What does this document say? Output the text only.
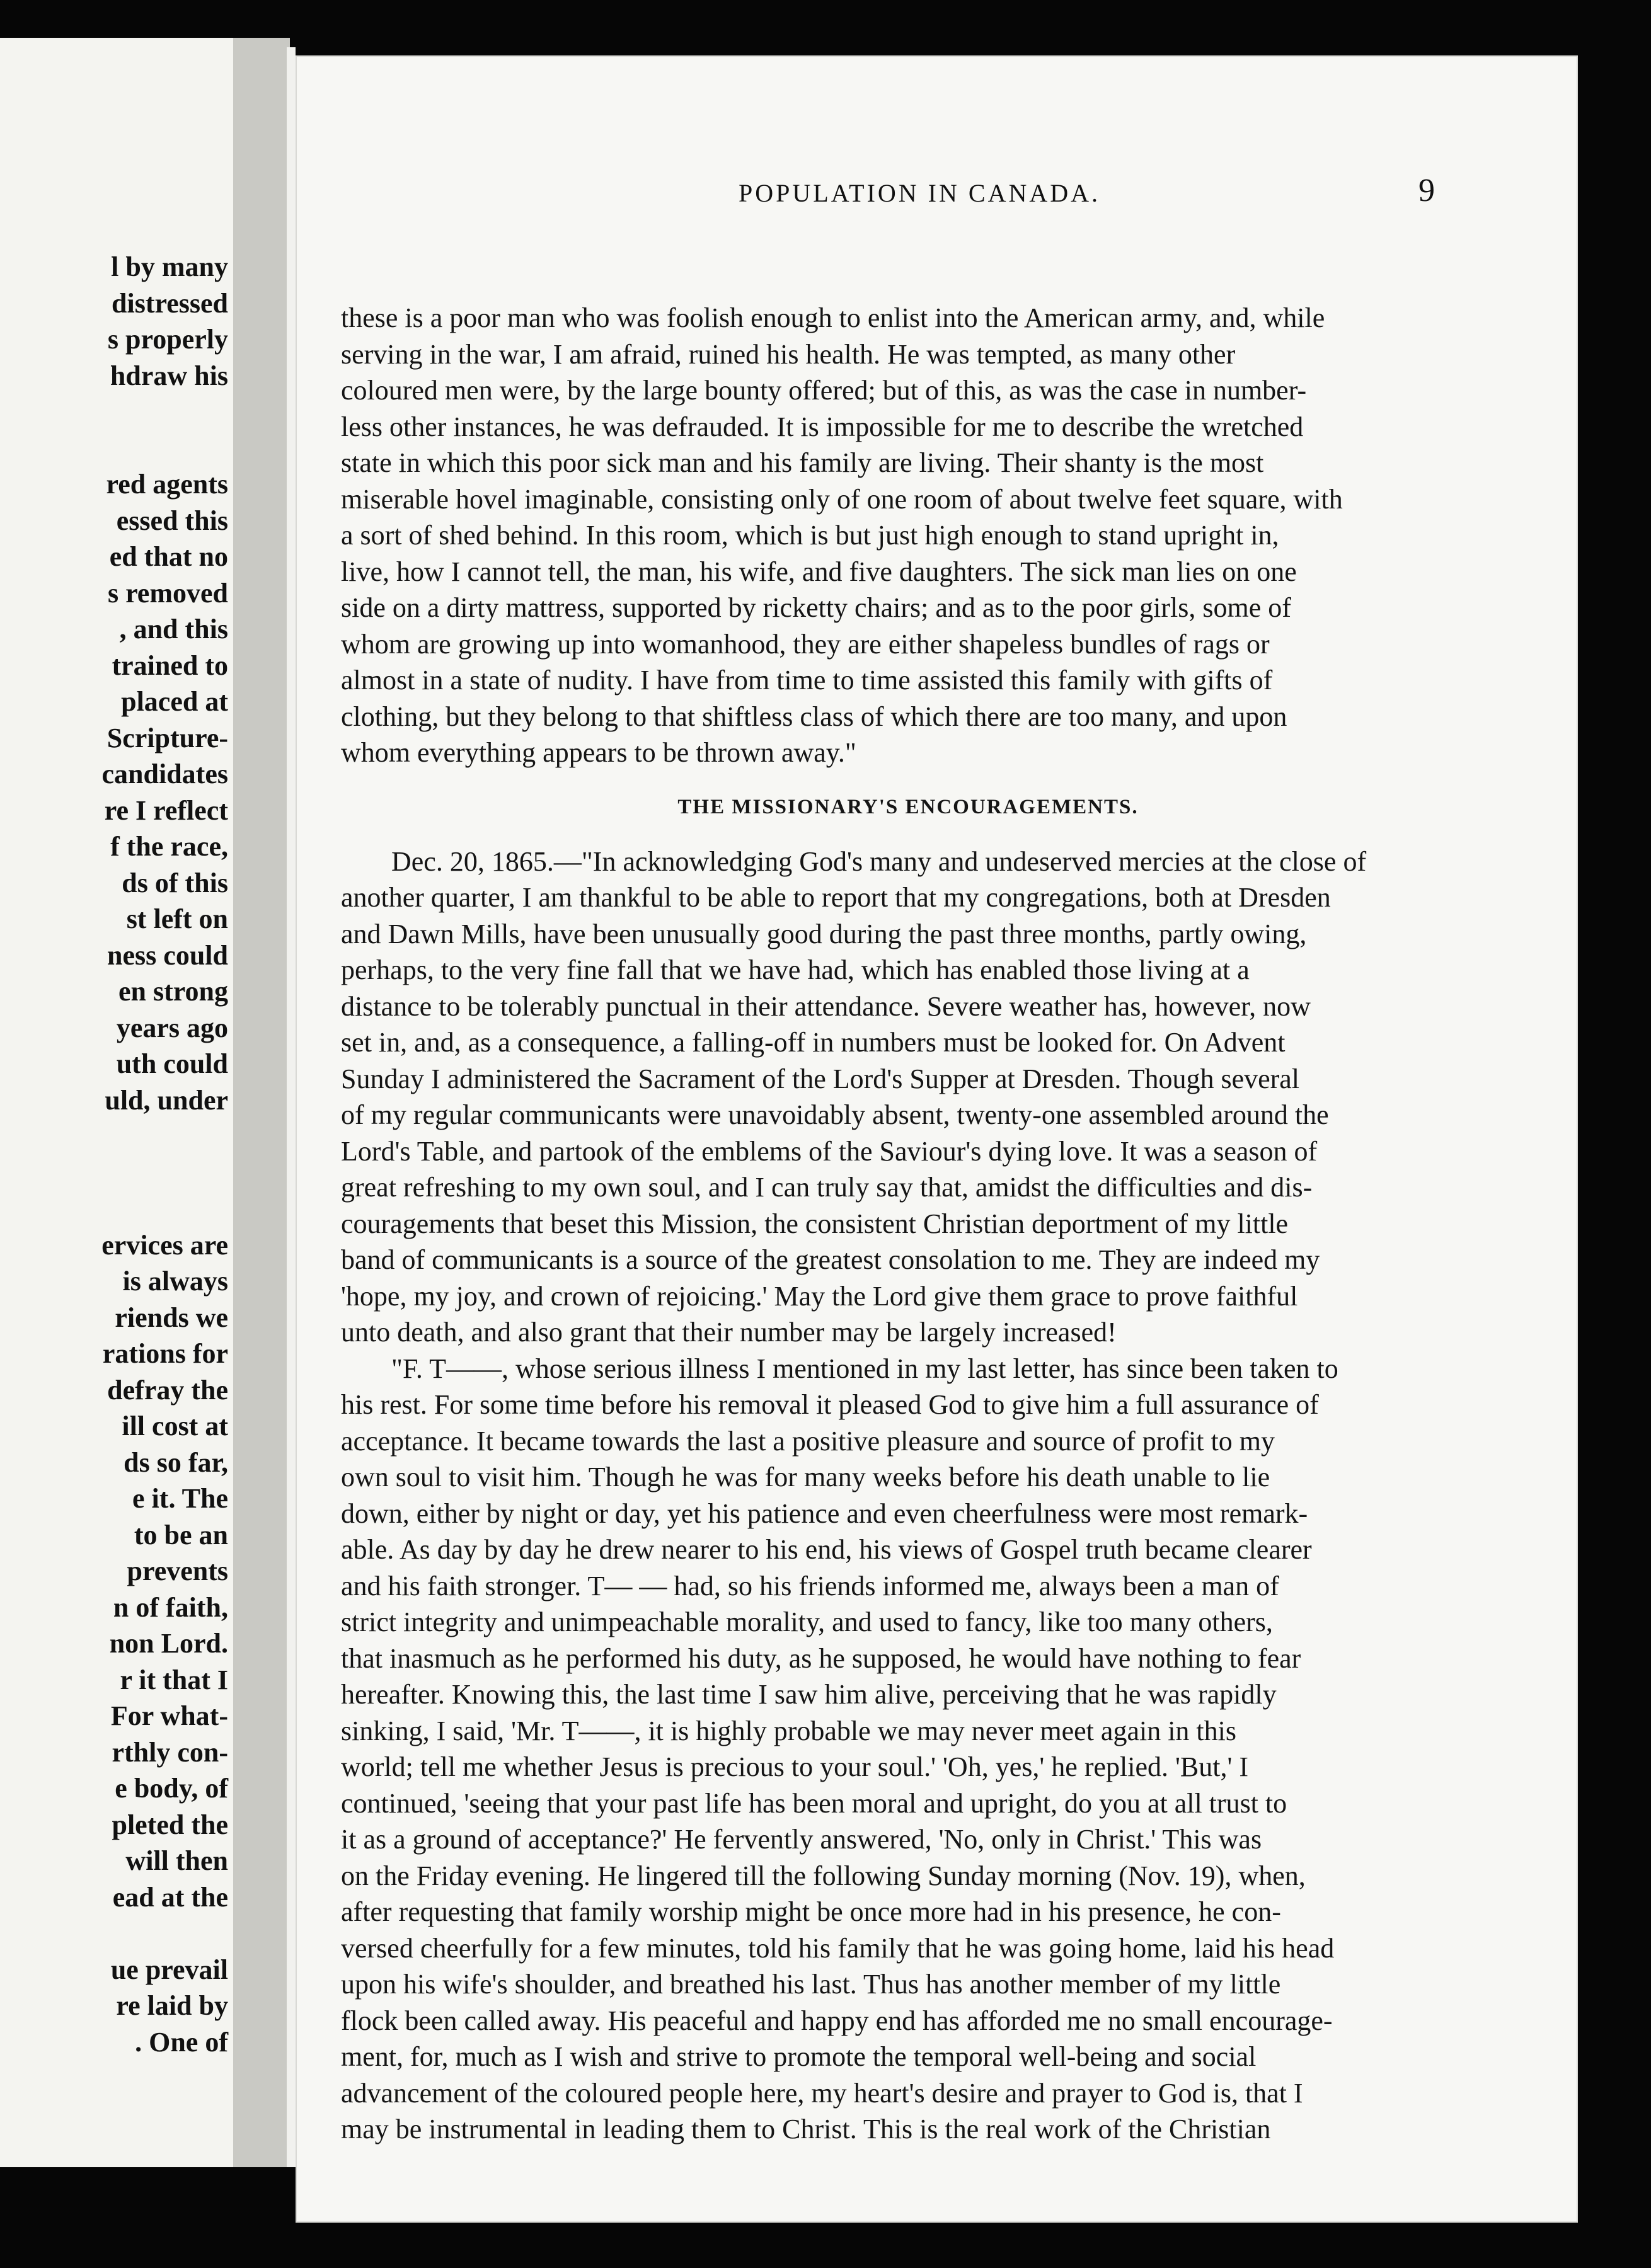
l by many
distressed
s properly
hdraw his
red agents
essed this
ed that no
s removed
, and this
trained to
placed at
Scripture-
candidates
re I reflect
f the race,
ds of this
st left on
ness could
en strong
years ago
uth could
uld, under
ervices are
is always
riends we
rations for
defray the
ill cost at
ds so far,
e it. The
to be an
prevents
n of faith,
non Lord.
r it that I
For what-
rthly con-
e body, of
pleted the
will then
ead at the
ue prevail
re laid by
. One of
POPULATION IN CANADA.	9

these is a poor man who was foolish enough to enlist into the American army, and, while
serving in the war, I am afraid, ruined his health. He was tempted, as many other
coloured men were, by the large bounty offered; but of this, as was the case in number-
less other instances, he was defrauded. It is impossible for me to describe the wretched
state in which this poor sick man and his family are living. Their shanty is the most
miserable hovel imaginable, consisting only of one room of about twelve feet square, with
a sort of shed behind. In this room, which is but just high enough to stand upright in,
live, how I cannot tell, the man, his wife, and five daughters. The sick man lies on one
side on a dirty mattress, supported by ricketty chairs; and as to the poor girls, some of
whom are growing up into womanhood, they are either shapeless bundles of rags or
almost in a state of nudity. I have from time to time assisted this family with gifts of
clothing, but they belong to that shiftless class of which there are too many, and upon
whom everything appears to be thrown away."

THE MISSIONARY'S ENCOURAGEMENTS.

Dec. 20, 1865.—"In acknowledging God's many and undeserved mercies at the close of
another quarter, I am thankful to be able to report that my congregations, both at Dresden
and Dawn Mills, have been unusually good during the past three months, partly owing,
perhaps, to the very fine fall that we have had, which has enabled those living at a
distance to be tolerably punctual in their attendance. Severe weather has, however, now
set in, and, as a consequence, a falling-off in numbers must be looked for. On Advent
Sunday I administered the Sacrament of the Lord's Supper at Dresden. Though several
of my regular communicants were unavoidably absent, twenty-one assembled around the
Lord's Table, and partook of the emblems of the Saviour's dying love. It was a season of
great refreshing to my own soul, and I can truly say that, amidst the difficulties and dis-
couragements that beset this Mission, the consistent Christian deportment of my little
band of communicants is a source of the greatest consolation to me. They are indeed my
'hope, my joy, and crown of rejoicing.' May the Lord give them grace to prove faithful
unto death, and also grant that their number may be largely increased!

"F. T——, whose serious illness I mentioned in my last letter, has since been taken to
his rest. For some time before his removal it pleased God to give him a full assurance of
acceptance. It became towards the last a positive pleasure and source of profit to my
own soul to visit him. Though he was for many weeks before his death unable to lie
down, either by night or day, yet his patience and even cheerfulness were most remark-
able. As day by day he drew nearer to his end, his views of Gospel truth became clearer
and his faith stronger. T— — had, so his friends informed me, always been a man of
strict integrity and unimpeachable morality, and used to fancy, like too many others,
that inasmuch as he performed his duty, as he supposed, he would have nothing to fear
hereafter. Knowing this, the last time I saw him alive, perceiving that he was rapidly
sinking, I said, 'Mr. T——, it is highly probable we may never meet again in this
world; tell me whether Jesus is precious to your soul.' 'Oh, yes,' he replied. 'But,' I
continued, 'seeing that your past life has been moral and upright, do you at all trust to
it as a ground of acceptance?' He fervently answered, 'No, only in Christ.' This was
on the Friday evening. He lingered till the following Sunday morning (Nov. 19), when,
after requesting that family worship might be once more had in his presence, he con-
versed cheerfully for a few minutes, told his family that he was going home, laid his head
upon his wife's shoulder, and breathed his last. Thus has another member of my little
flock been called away. His peaceful and happy end has afforded me no small encourage-
ment, for, much as I wish and strive to promote the temporal well-being and social
advancement of the coloured people here, my heart's desire and prayer to God is, that I
may be instrumental in leading them to Christ. This is the real work of the Christian
